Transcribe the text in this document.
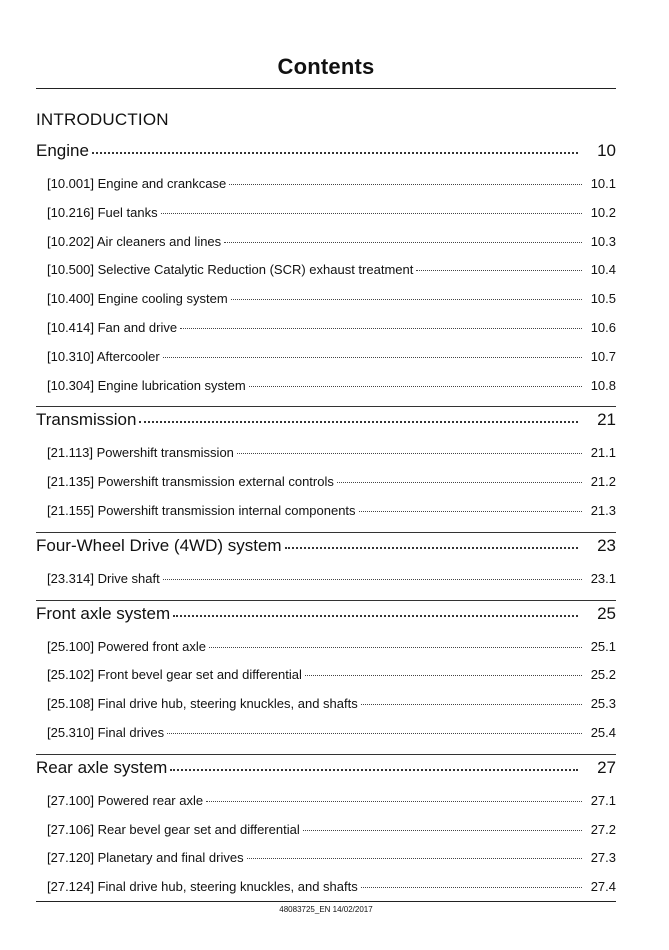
Contents
INTRODUCTION
Engine	10
[10.001] Engine and crankcase	10.1
[10.216] Fuel tanks	10.2
[10.202] Air cleaners and lines	10.3
[10.500] Selective Catalytic Reduction (SCR) exhaust treatment	10.4
[10.400] Engine cooling system	10.5
[10.414] Fan and drive	10.6
[10.310] Aftercooler	10.7
[10.304] Engine lubrication system	10.8
Transmission	21
[21.113] Powershift transmission	21.1
[21.135] Powershift transmission external controls	21.2
[21.155] Powershift transmission internal components	21.3
Four-Wheel Drive (4WD) system	23
[23.314] Drive shaft	23.1
Front axle system	25
[25.100] Powered front axle	25.1
[25.102] Front bevel gear set and differential	25.2
[25.108] Final drive hub, steering knuckles, and shafts	25.3
[25.310] Final drives	25.4
Rear axle system	27
[27.100] Powered rear axle	27.1
[27.106] Rear bevel gear set and differential	27.2
[27.120] Planetary and final drives	27.3
[27.124] Final drive hub, steering knuckles, and shafts	27.4
48083725_EN 14/02/2017
